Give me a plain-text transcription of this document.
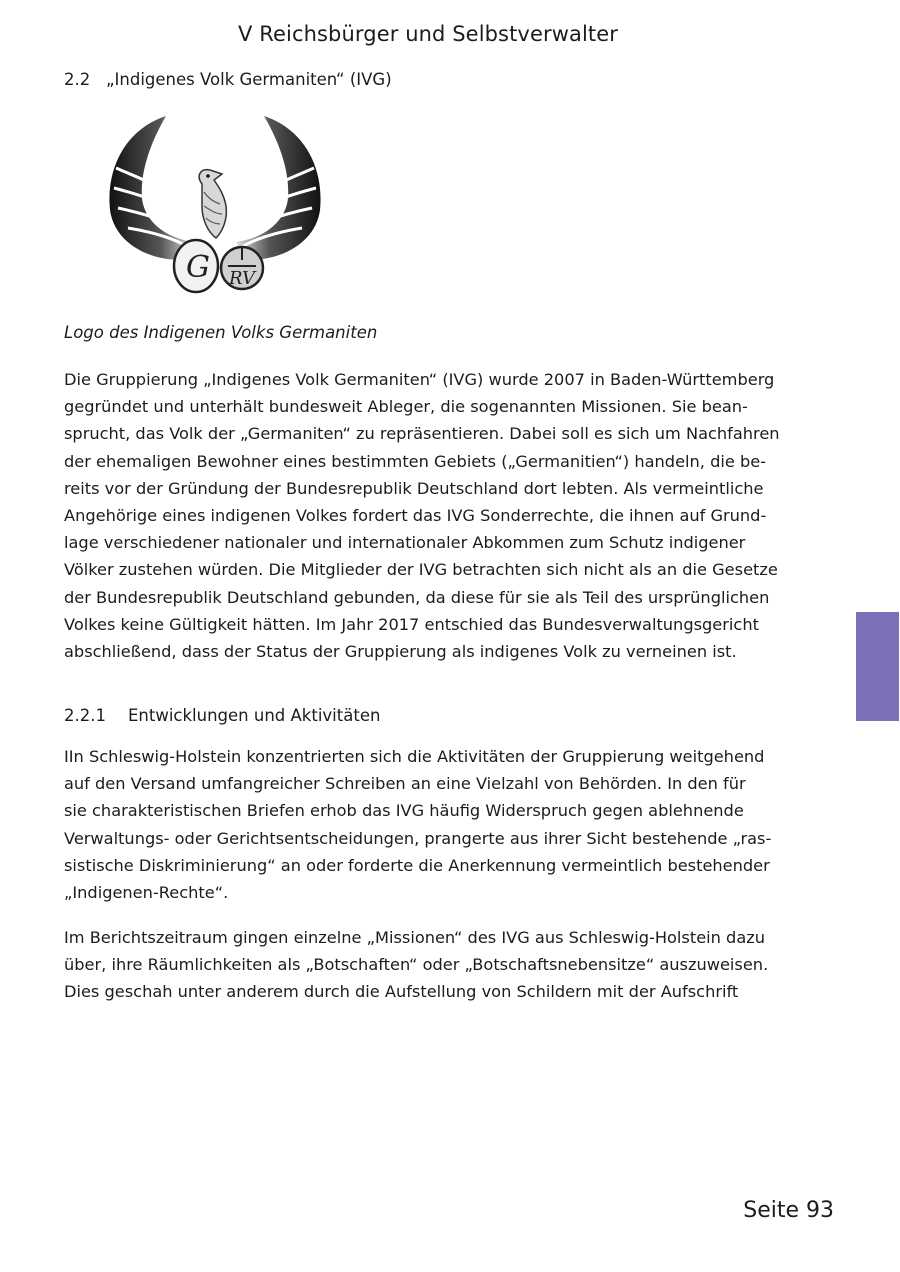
V Reichsbürger und Selbstverwalter
2.2 „Indigenes Volk Germaniten“ (IVG)
G R V
Logo des Indigenen Volks Germaniten

Die Gruppierung „Indigenes Volk Germaniten“ (IVG) wurde 2007 in Baden-Württemberg
gegründet und unterhält bundesweit Ableger, die sogenannten Missionen. Sie bean-
sprucht, das Volk der „Germaniten“ zu repräsentieren. Dabei soll es sich um Nachfahren
der ehemaligen Bewohner eines bestimmten Gebiets („Germanitien“) handeln, die be-
reits vor der Gründung der Bundesrepublik Deutschland dort lebten. Als vermeintliche
Angehörige eines indigenen Volkes fordert das IVG Sonderrechte, die ihnen auf Grund-
lage verschiedener nationaler und internationaler Abkommen zum Schutz indigener
Völker zustehen würden. Die Mitglieder der IVG betrachten sich nicht als an die Gesetze
der Bundesrepublik Deutschland gebunden, da diese für sie als Teil des ursprünglichen
Volkes keine Gültigkeit hätten. Im Jahr 2017 entschied das Bundesverwaltungsgericht
abschließend, dass der Status der Gruppierung als indigenes Volk zu verneinen ist.

2.2.1 Entwicklungen und Aktivitäten

IIn Schleswig-Holstein konzentrierten sich die Aktivitäten der Gruppierung weitgehend
auf den Versand umfangreicher Schreiben an eine Vielzahl von Behörden. In den für
sie charakteristischen Briefen erhob das IVG häufig Widerspruch gegen ablehnende
Verwaltungs- oder Gerichtsentscheidungen, prangerte aus ihrer Sicht bestehende „ras-
sistische Diskriminierung“ an oder forderte die Anerkennung vermeintlich bestehender
„Indigenen-Rechte“.

Im Berichtszeitraum gingen einzelne „Missionen“ des IVG aus Schleswig-Holstein dazu
über, ihre Räumlichkeiten als „Botschaften“ oder „Botschaftsnebensitze“ auszuweisen.
Dies geschah unter anderem durch die Aufstellung von Schildern mit der Aufschrift

Seite 93
